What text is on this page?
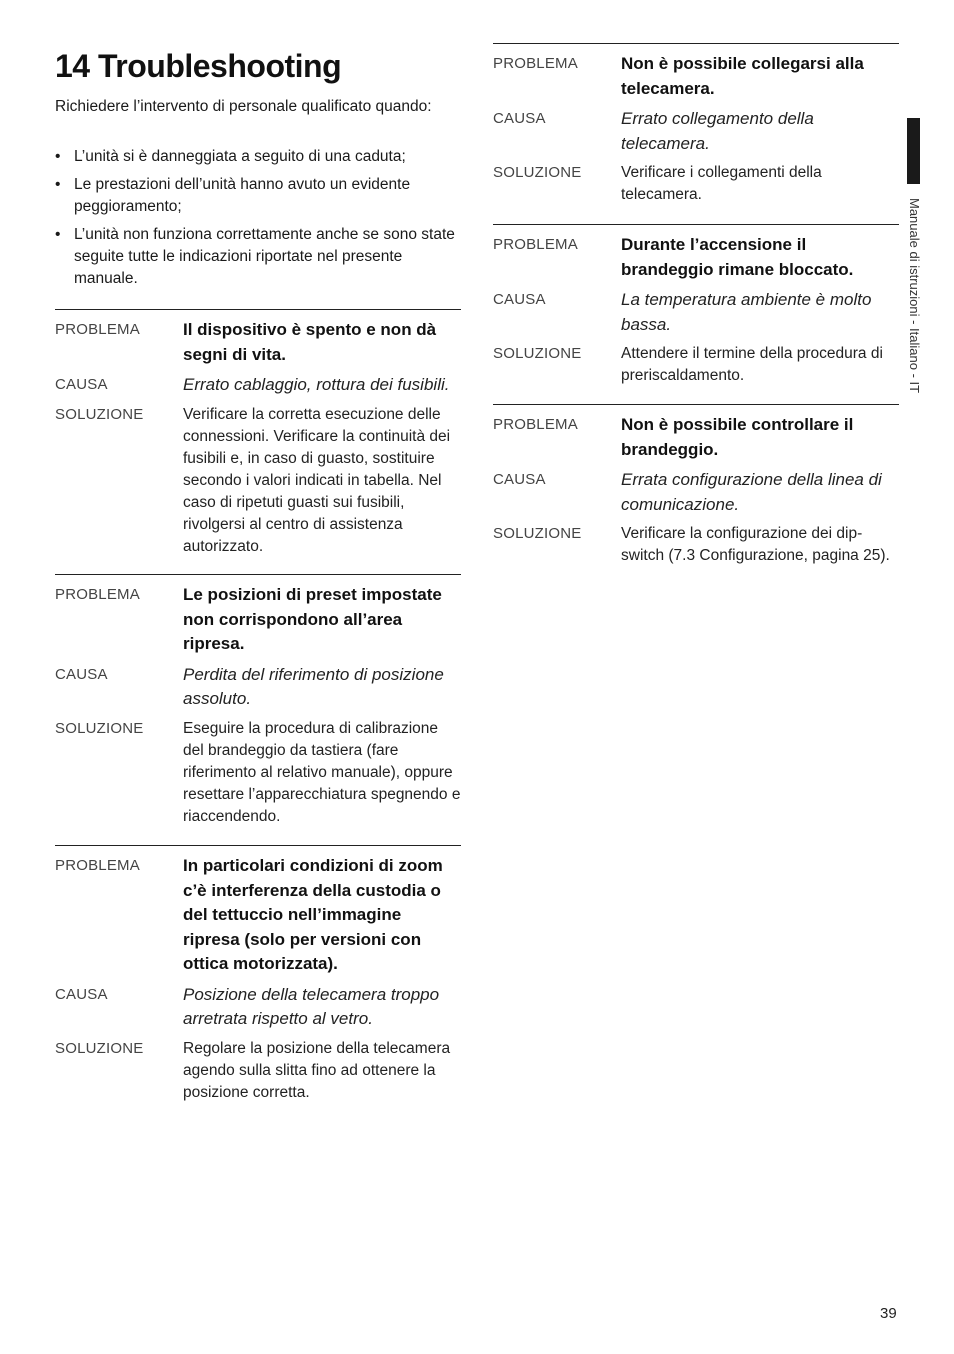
14 Troubleshooting

Richiedere l’intervento di personale qualificato quando:

• L’unità si è danneggiata a seguito di una caduta;
• Le prestazioni dell’unità hanno avuto un evidente peggioramento;
• L’unità non funziona correttamente anche se sono state seguite tutte le indicazioni riportate nel presente manuale.
PROBLEMA	Il dispositivo è spento e non dà segni di vita.
CAUSA	Errato cablaggio, rottura dei fusibili.
SOLUZIONE	Verificare la corretta esecuzione delle connessioni. Verificare la continuità dei fusibili e, in caso di guasto, sostituire secondo i valori indicati in tabella. Nel caso di ripetuti guasti sui fusibili, rivolgersi al centro di assistenza autorizzato.
PROBLEMA	Le posizioni di preset impostate non corrispondono all’area ripresa.
CAUSA	Perdita del riferimento di posizione assoluto.
SOLUZIONE	Eseguire la procedura di calibrazione del brandeggio da tastiera (fare riferimento al relativo manuale), oppure resettare l’apparecchiatura spegnendo e riaccendendo.
PROBLEMA	In particolari condizioni di zoom c’è interferenza della custodia o del tettuccio nell’immagine ripresa (solo per versioni con ottica motorizzata).
CAUSA	Posizione della telecamera troppo arretrata rispetto al vetro.
SOLUZIONE	Regolare la posizione della telecamera agendo sulla slitta fino ad ottenere la posizione corretta.
PROBLEMA	Non è possibile collegarsi alla telecamera.
CAUSA	Errato collegamento della telecamera.
SOLUZIONE	Verificare i collegamenti della telecamera.
PROBLEMA	Durante l’accensione il brandeggio rimane bloccato.
CAUSA	La temperatura ambiente è molto bassa.
SOLUZIONE	Attendere il termine della procedura di preriscaldamento.
PROBLEMA	Non è possibile controllare il brandeggio.
CAUSA	Errata configurazione della linea di comunicazione.
SOLUZIONE	Verificare la configurazione dei dip-switch (7.3 Configurazione, pagina 25).
Manuale di istruzioni - Italiano - IT
39
